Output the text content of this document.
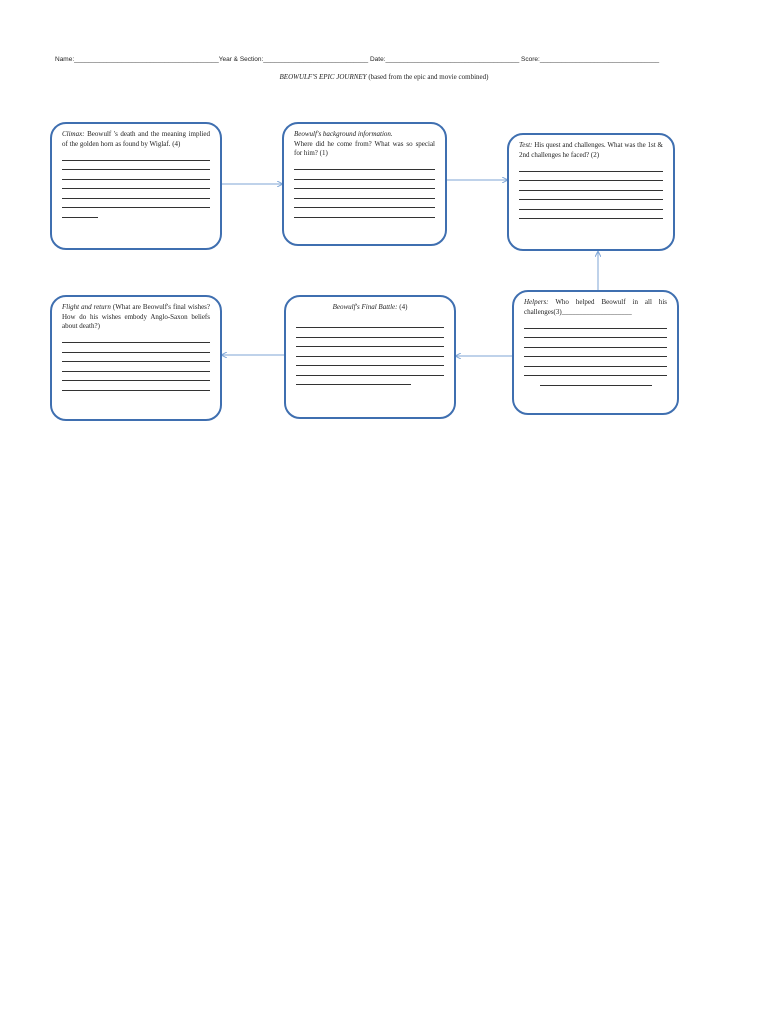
Name:________________________________________Year & Section:_____________________________ Date:_____________________________________ Score:_________________________________
BEOWULF'S EPIC JOURNEY (based from the epic and movie combined)
Climax: Beowulf 's death and the meaning implied of the golden horn as found by Wiglaf. (4)
Beowulf's background information.
Where did he come from? What was so special for him? (1)
Test: His quest and challenges. What was the 1st & 2nd challenges he faced? (2)
Flight and return (What are Beowulf's final wishes? How do his wishes embody Anglo-Saxon beliefs about death?)
Beowulf's Final Battle: (4)
Helpers: Who helped Beowulf in all his challenges(3)____________________
